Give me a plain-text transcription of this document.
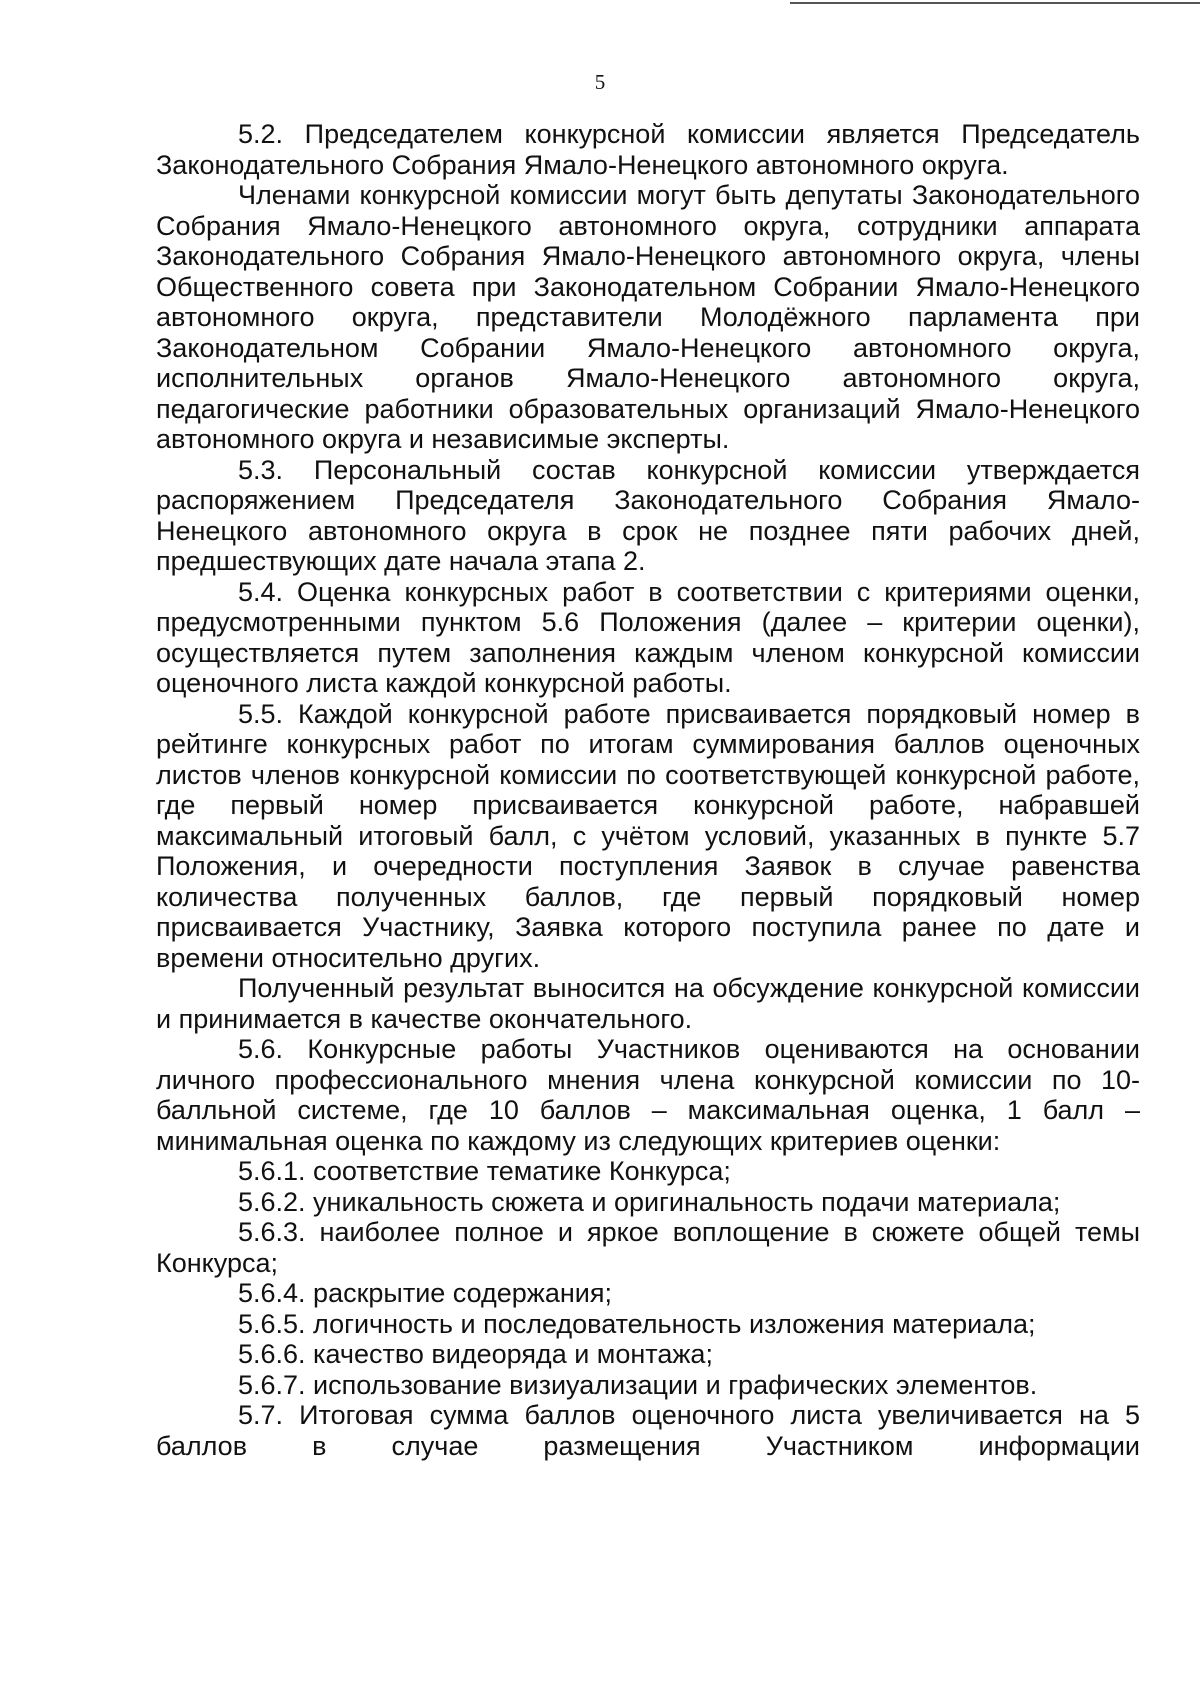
5

5.2. Председателем конкурсной комиссии является Председатель Законодательного Собрания Ямало-Ненецкого автономного округа.

Членами конкурсной комиссии могут быть депутаты Законодательного Собрания Ямало-Ненецкого автономного округа, сотрудники аппарата Законодательного Собрания Ямало-Ненецкого автономного округа, члены Общественного совета при Законодательном Собрании Ямало-Ненецкого автономного округа, представители Молодёжного парламента при Законодательном Собрании Ямало-Ненецкого автономного округа, исполнительных органов Ямало-Ненецкого автономного округа, педагогические работники образовательных организаций Ямало-Ненецкого автономного округа и независимые эксперты.

5.3. Персональный состав конкурсной комиссии утверждается распоряжением Председателя Законодательного Собрания Ямало-Ненецкого автономного округа в срок не позднее пяти рабочих дней, предшествующих дате начала этапа 2.

5.4. Оценка конкурсных работ в соответствии с критериями оценки, предусмотренными пунктом 5.6 Положения (далее – критерии оценки), осуществляется путем заполнения каждым членом конкурсной комиссии оценочного листа каждой конкурсной работы.

5.5. Каждой конкурсной работе присваивается порядковый номер в рейтинге конкурсных работ по итогам суммирования баллов оценочных листов членов конкурсной комиссии по соответствующей конкурсной работе, где первый номер присваивается конкурсной работе, набравшей максимальный итоговый балл, с учётом условий, указанных в пункте 5.7 Положения, и очередности поступления Заявок в случае равенства количества полученных баллов, где первый порядковый номер присваивается Участнику, Заявка которого поступила ранее по дате и времени относительно других.

Полученный результат выносится на обсуждение конкурсной комиссии и принимается в качестве окончательного.

5.6. Конкурсные работы Участников оцениваются на основании личного профессионального мнения члена конкурсной комиссии по 10-балльной системе, где 10 баллов – максимальная оценка, 1 балл – минимальная оценка по каждому из следующих критериев оценки:

5.6.1. соответствие тематике Конкурса;

5.6.2. уникальность сюжета и оригинальность подачи материала;

5.6.3. наиболее полное и яркое воплощение в сюжете общей темы Конкурса;

5.6.4. раскрытие содержания;

5.6.5. логичность и последовательность изложения материала;

5.6.6. качество видеоряда и монтажа;

5.6.7. использование визиуализации и графических элементов.

5.7. Итоговая сумма баллов оценочного листа увеличивается на 5 баллов в случае размещения Участником информации
